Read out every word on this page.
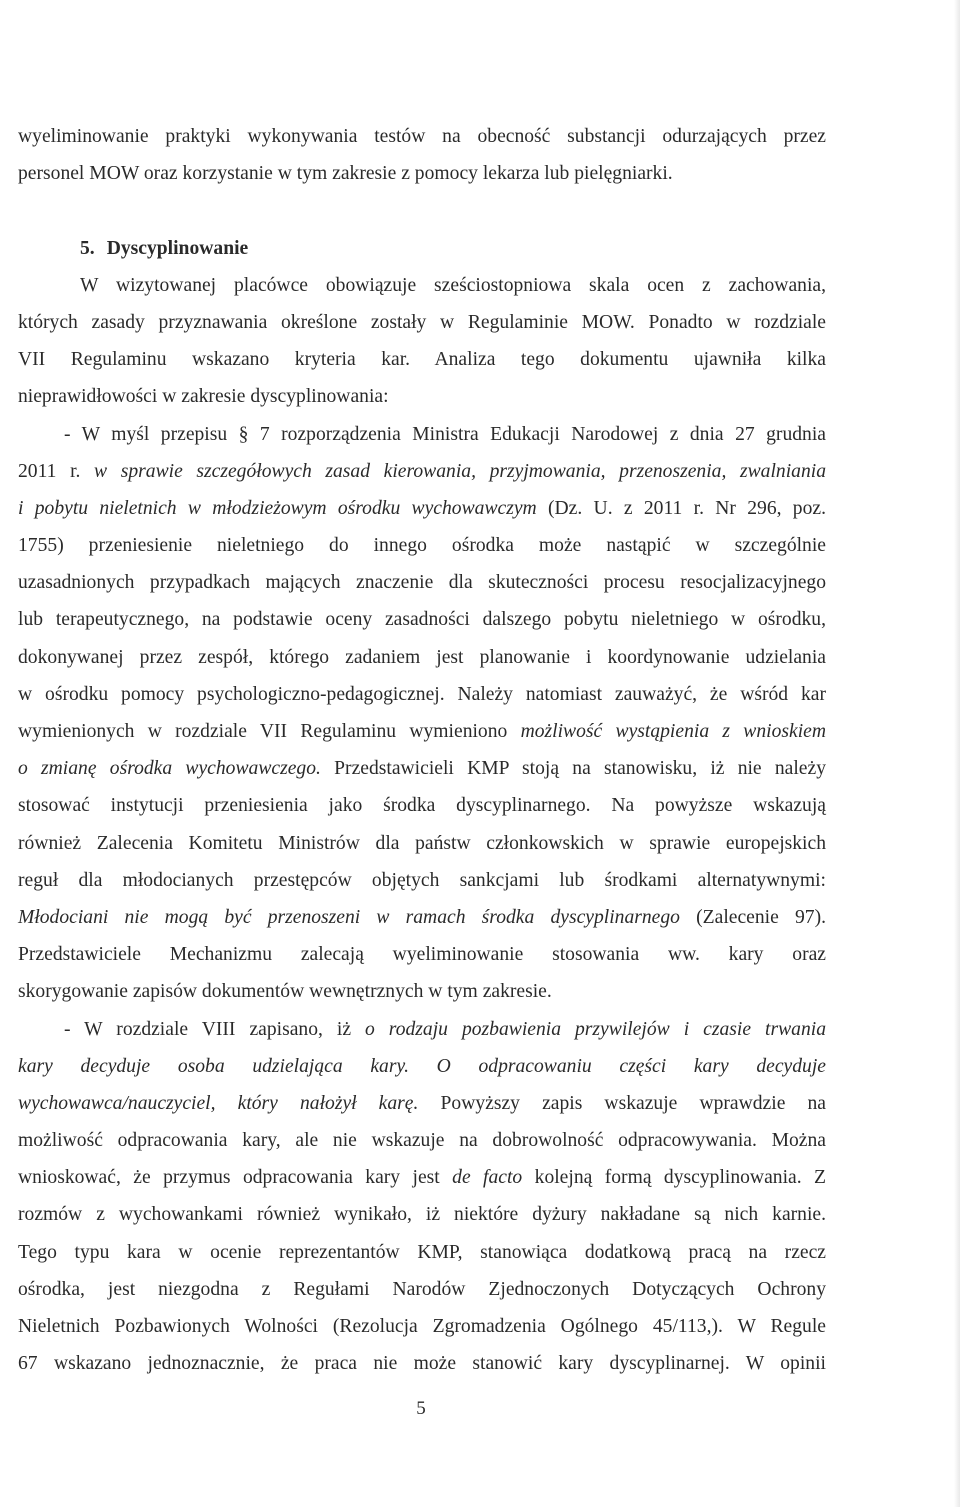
wyeliminowanie praktyki wykonywania testów na obecność substancji odurzających przez
personel MOW oraz korzystanie w tym zakresie z pomocy lekarza lub pielęgniarki.
5. Dyscyplinowanie
W wizytowanej placówce obowiązuje sześciostopniowa skala ocen z zachowania,
których zasady przyznawania określone zostały w Regulaminie MOW. Ponadto w rozdziale
VII Regulaminu wskazano kryteria kar. Analiza tego dokumentu ujawniła kilka
nieprawidłowości w zakresie dyscyplinowania:
- W myśl przepisu § 7 rozporządzenia Ministra Edukacji Narodowej z dnia 27 grudnia
2011 r. w sprawie szczegółowych zasad kierowania, przyjmowania, przenoszenia, zwalniania
i pobytu nieletnich w młodzieżowym ośrodku wychowawczym (Dz. U. z 2011 r. Nr 296, poz.
1755) przeniesienie nieletniego do innego ośrodka może nastąpić w szczególnie
uzasadnionych przypadkach mających znaczenie dla skuteczności procesu resocjalizacyjnego
lub terapeutycznego, na podstawie oceny zasadności dalszego pobytu nieletniego w ośrodku,
dokonywanej przez zespół, którego zadaniem jest planowanie i koordynowanie udzielania
w ośrodku pomocy psychologiczno-pedagogicznej. Należy natomiast zauważyć, że wśród kar
wymienionych w rozdziale VII Regulaminu wymieniono możliwość wystąpienia z wnioskiem
o zmianę ośrodka wychowawczego. Przedstawicieli KMP stoją na stanowisku, iż nie należy
stosować instytucji przeniesienia jako środka dyscyplinarnego. Na powyższe wskazują
również Zalecenia Komitetu Ministrów dla państw członkowskich w sprawie europejskich
reguł dla młodocianych przestępców objętych sankcjami lub środkami alternatywnymi:
Młodociani nie mogą być przenoszeni w ramach środka dyscyplinarnego (Zalecenie 97).
Przedstawiciele Mechanizmu zalecają wyeliminowanie stosowania ww. kary oraz
skorygowanie zapisów dokumentów wewnętrznych w tym zakresie.
- W rozdziale VIII zapisano, iż o rodzaju pozbawienia przywilejów i czasie trwania
kary decyduje osoba udzielająca kary. O odpracowaniu części kary decyduje
wychowawca/nauczyciel, który nałożył karę. Powyższy zapis wskazuje wprawdzie na
możliwość odpracowania kary, ale nie wskazuje na dobrowolność odpracowywania. Można
wnioskować, że przymus odpracowania kary jest de facto kolejną formą dyscyplinowania. Z
rozmów z wychowankami również wynikało, iż niektóre dyżury nakładane są nich karnie.
Tego typu kara w ocenie reprezentantów KMP, stanowiąca dodatkową pracą na rzecz
ośrodka, jest niezgodna z Regułami Narodów Zjednoczonych Dotyczących Ochrony
Nieletnich Pozbawionych Wolności (Rezolucja Zgromadzenia Ogólnego 45/113,). W Regule
67 wskazano jednoznacznie, że praca nie może stanowić kary dyscyplinarnej. W opinii
5
